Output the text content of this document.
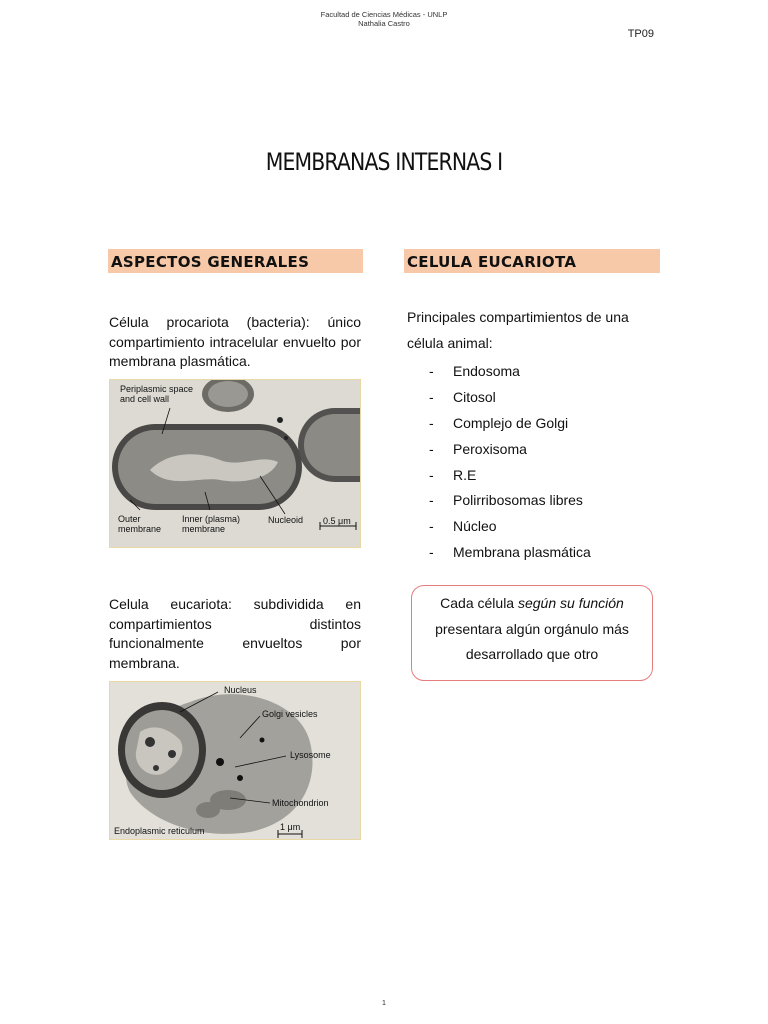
Facultad de Ciencias Médicas - UNLP
Nathalia Castro
TP09
MEMBRANAS INTERNAS I
ASPECTOS GENERALES
Célula procariota (bacteria): único compartimiento intracelular envuelto por membrana plasmática.
Periplasmic space
and cell wall
Outer
membrane
Inner (plasma)
membrane
Nucleoid 0.5 μm
Celula eucariota: subdividida en compartimientos distintos funcionalmente envueltos por membrana.
Nucleus
Golgi vesicles
Lysosome
Mitochondrion
Endoplasmic reticulum	1 μm
CELULA EUCARIOTA
Principales compartimientos de una célula animal:
- Endosoma
- Citosol
- Complejo de Golgi
- Peroxisoma
- R.E
- Polirribosomas libres
- Núcleo
- Membrana plasmática
Cada célula según su función presentara algún orgánulo más desarrollado que otro
1
